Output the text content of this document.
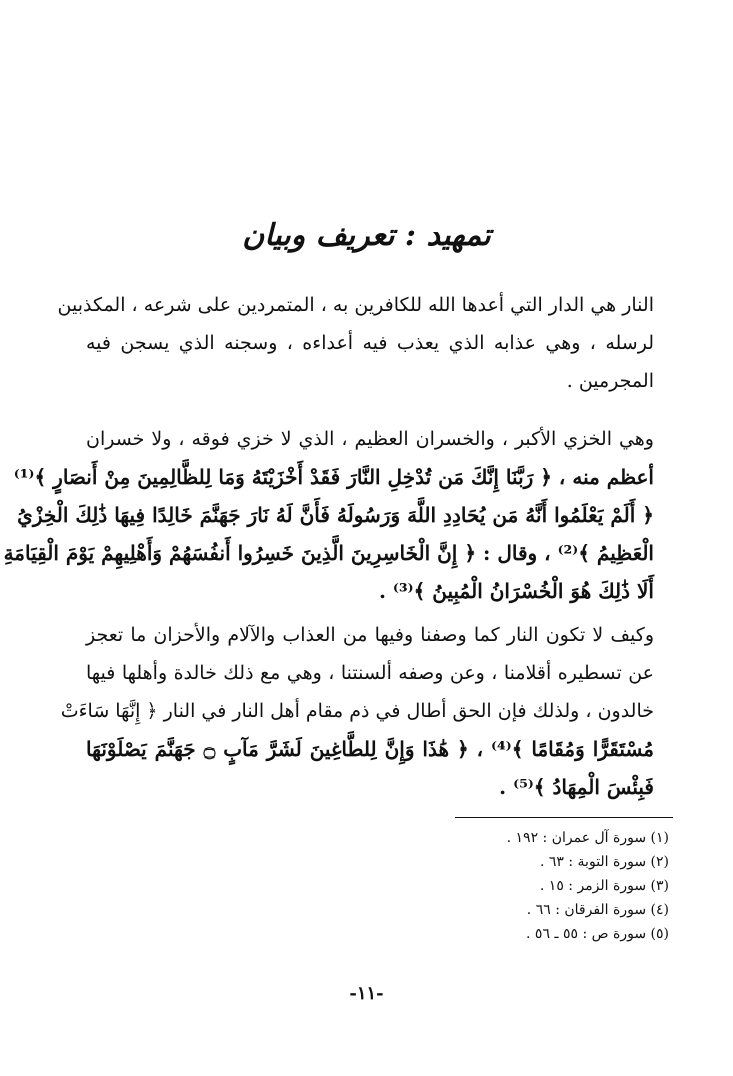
تمهيد : تعريف وبيان
النار هي الدار التي أعدها الله للكافرين به ، المتمردين على شرعه ، المكذبين
لرسله ، وهي عذابه الذي يعذب فيه أعداءه ، وسجنه الذي يسجن فيه
المجرمين .
وهي الخزي الأكبر ، والخسران العظيم ، الذي لا خزي فوقه ، ولا خسران
أعظم منه ، ﴿ رَبَّنَا إِنَّكَ مَن تُدْخِلِ النَّارَ فَقَدْ أَخْزَيْتَهُ وَمَا لِلظَّالِمِينَ مِنْ أَنصَارٍ ﴾⁽¹⁾
﴿ أَلَمْ يَعْلَمُوا أَنَّهُ مَن يُحَادِدِ اللَّهَ وَرَسُولَهُ فَأَنَّ لَهُ نَارَ جَهَنَّمَ خَالِدًا فِيهَا ذَٰلِكَ الْخِزْيُ
الْعَظِيمُ ﴾⁽²⁾ ، وقال : ﴿ إِنَّ الْخَاسِرِينَ الَّذِينَ خَسِرُوا أَنفُسَهُمْ وَأَهْلِيهِمْ يَوْمَ الْقِيَامَةِ
أَلَا ذَٰلِكَ هُوَ الْخُسْرَانُ الْمُبِينُ ﴾⁽³⁾ .
وكيف لا تكون النار كما وصفنا وفيها من العذاب والآلام والأحزان ما تعجز
عن تسطيره أقلامنا ، وعن وصفه ألسنتنا ، وهي مع ذلك خالدة وأهلها فيها
خالدون ، ولذلك فإن الحق أطال في ذم مقام أهل النار في النار ﴿ إِنَّهَا سَاءَتْ
مُسْتَقَرًّا وَمُقَامًا ﴾⁽⁴⁾ ، ﴿ هَٰذَا وَإِنَّ لِلطَّاغِينَ لَشَرَّ مَآبٍ ۝ جَهَنَّمَ يَصْلَوْنَهَا
فَبِئْسَ الْمِهَادُ ﴾⁽⁵⁾ .
(١) سورة آل عمران : ١٩٢ .
(٢) سورة التوبة : ٦٣ .
(٣) سورة الزمر : ١٥ .
(٤) سورة الفرقان : ٦٦ .
(٥) سورة ص : ٥٥ ـ ٥٦ .
-١١-
